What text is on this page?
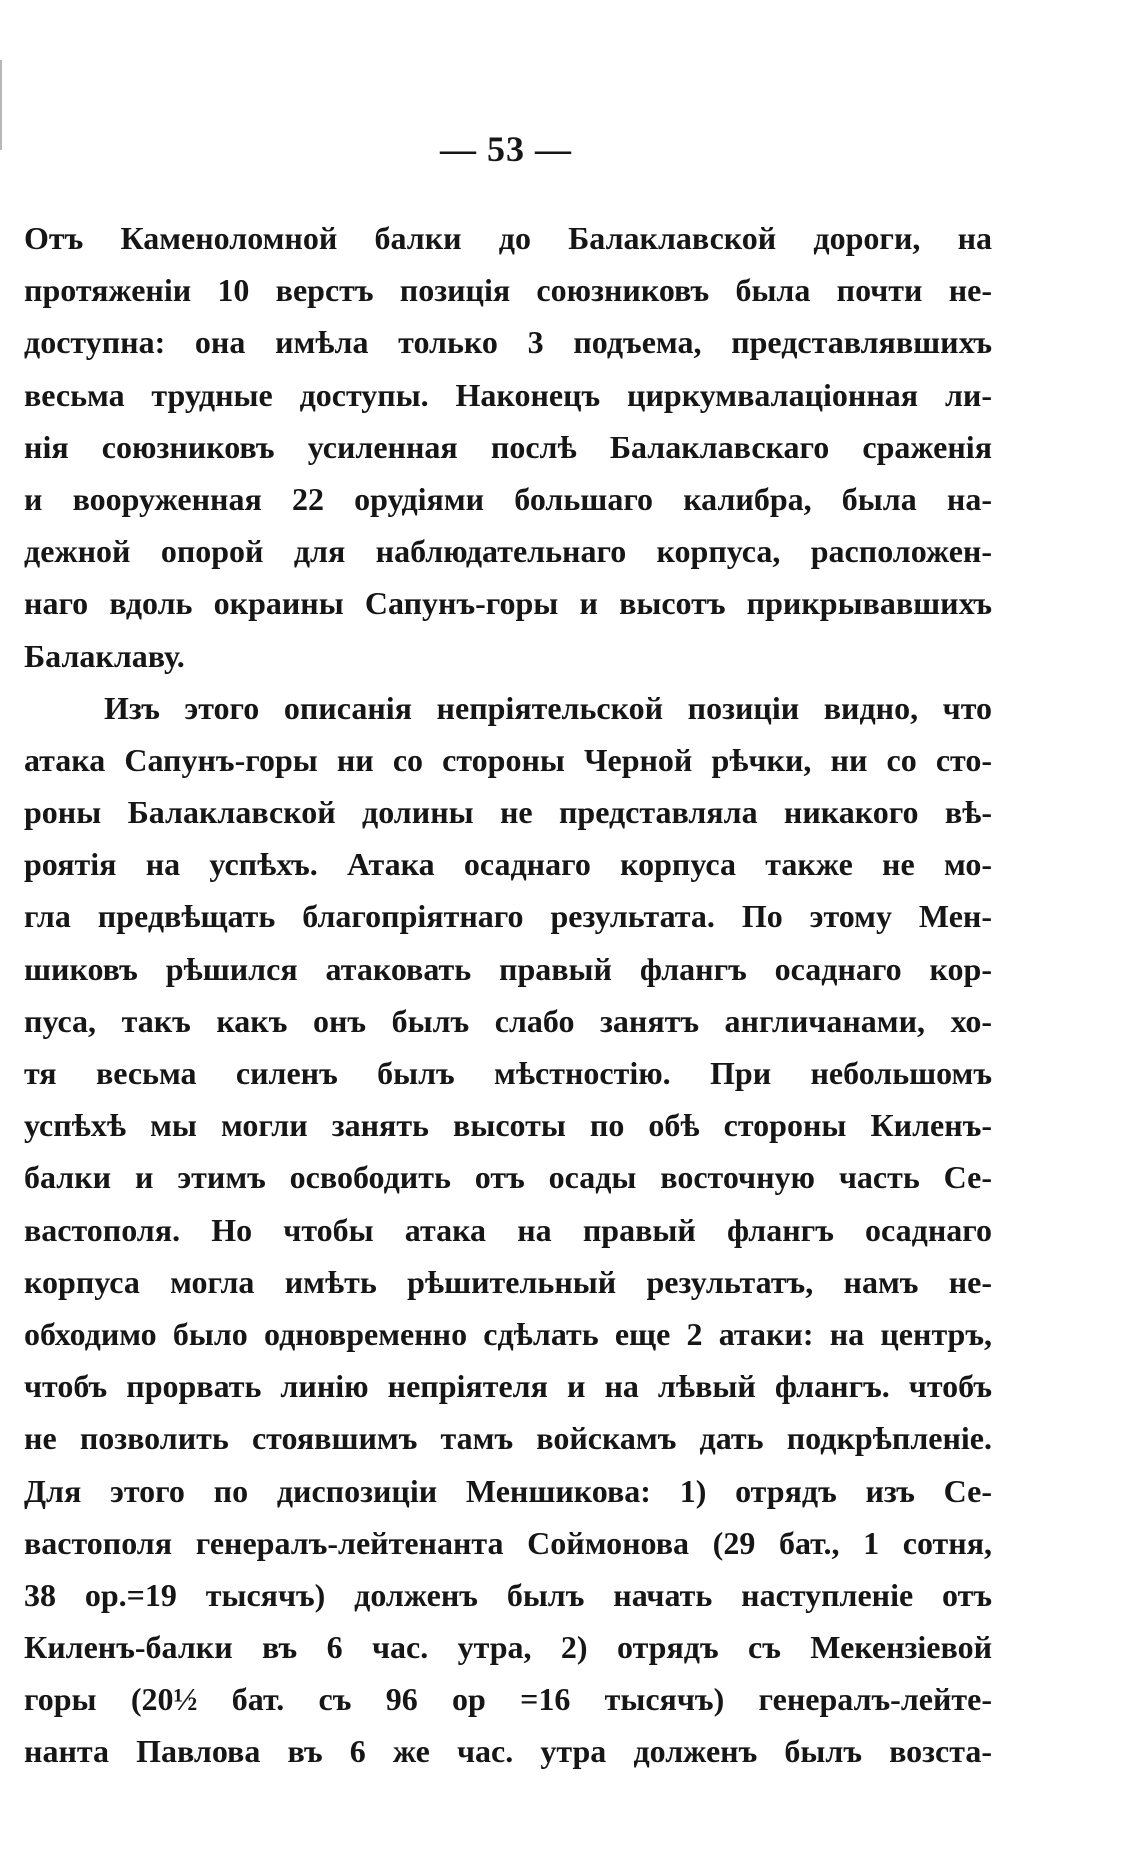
— 53 —
Отъ Каменоломной балки до Балаклавской дороги, на
протяженіи 10 верстъ позиція союзниковъ была почти не-
доступна: она имѣла только 3 подъема, представлявшихъ
весьма трудные доступы. Наконецъ циркумвалаціонная ли-
нія союзниковъ усиленная послѣ Балаклавскаго сраженія
и вооруженная 22 орудіями большаго калибра, была на-
дежной опорой для наблюдательнаго корпуса, расположен-
наго вдоль окраины Сапунъ-горы и высотъ прикрывавшихъ
Балаклаву.
Изъ этого описанія непріятельской позиціи видно, что
атака Сапунъ-горы ни со стороны Черной рѣчки, ни со сто-
роны Балаклавской долины не представляла никакого вѣ-
роятія на успѣхъ. Атака осаднаго корпуса также не мо-
гла предвѣщать благопріятнаго результата. По этому Мен-
шиковъ рѣшился атаковать правый флангъ осаднаго кор-
пуса, такъ какъ онъ былъ слабо занятъ англичанами, хо-
тя весьма силенъ былъ мѣстностію. При небольшомъ
успѣхѣ мы могли занять высоты по обѣ стороны Киленъ-
балки и этимъ освободить отъ осады восточную часть Се-
вастополя. Но чтобы атака на правый флангъ осаднаго
корпуса могла имѣть рѣшительный результатъ, намъ не-
обходимо было одновременно сдѣлать еще 2 атаки: на центръ,
чтобъ прорвать линію непріятеля и на лѣвый флангъ. чтобъ
не позволить стоявшимъ тамъ войскамъ дать подкрѣпленіе.
Для этого по диспозиціи Меншикова: 1) отрядъ изъ Се-
вастополя генералъ-лейтенанта Соймонова (29 бат., 1 сотня,
38 ор.=19 тысячъ) долженъ былъ начать наступленіе отъ
Киленъ-балки въ 6 час. утра, 2) отрядъ съ Мекензіевой
горы (20½ бат. съ 96 ор =16 тысячъ) генералъ-лейте-
нанта Павлова въ 6 же час. утра долженъ былъ возста-
